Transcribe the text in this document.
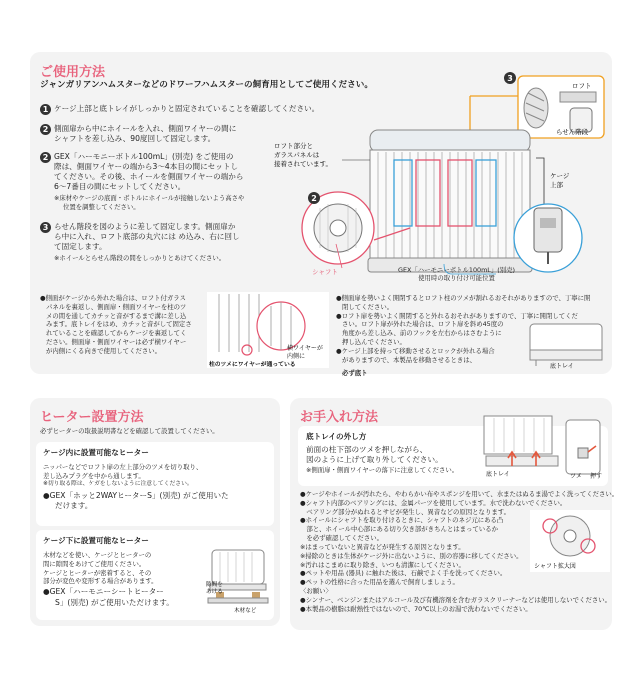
ご使用方法
ジャンガリアンハムスターなどのドワーフハムスターの飼育用としてご使用ください。
1 ケージ上部と底トレイがしっかりと固定されていることを確認してください。
2 側面扉から中にホイールを入れ、側面ワイヤーの間に
シャフトを差し込み、90度回して固定します。
2 GEX「ハーモニーボトル100mL」(別売) をご使用の
際は、側面ワイヤーの端から3〜4本目の間にセットし
てください。その後、ホイールを側面ワイヤーの端から
6〜7番目の間にセットしてください。
※床材やケージの底面・ボトルにホイールが接触しないよう高さや
位置を調整してください。
3 らせん階段を図のように差して固定します。側面扉か
ら中に入れ、ロフト底部の丸穴には め込み、右に回し
て固定します。
※ホイールとらせん階段の間をしっかりとあけてください。
3
ロフト
らせん階段
ケージ
上部
ロフト部分と
ガラスパネルは
接着されています。
2
シャフト	GEX「ハーモニーボトル100mL」(別売)
使用時の取り付け可能位置
●側面がケージから外れた場合は、ロフト付ガラス
パネルを裏返し、側面扉・側面ワイヤーを柱のツ
メの間を通してカチッと音がするまで溝に差し込
みます。底トレイをはめ、カチッと音がして固定さ
れていることを確認してからケージを裏返してく
ださい。側面扉・側面ワイヤーは必ず横ワイヤー
が内側にくる向きで使用してください。	横ワイヤーが
内側に
柱のツメにワイヤーが通っている
●側面扉を勢いよく開閉するとロフト柱のツメが割れるおそれがありますので、丁寧に開
閉してください。
●ロフト扉を勢いよく開閉すると外れるおそれがありますので、丁寧に開閉してくだ
さい。ロフト扉が外れた場合は、ロフト扉を斜め45度の
角度から差し込み、前のフックを左右からはさむように
押し込んでください。
●ケージ上部を持って移動させるとロックが外れる場合
がありますので、本製品を移動させるときは、
必ず底ト
底トレイ
ヒーター設置方法
必ずヒーターの取扱説明書などを確認して設置してください。
ケージ内に設置可能なヒーター
ニッパーなどでロフト扉の左上部分のツメを切り取り、
差し込みプラグを中から通します。
※切り取る際は、ケガをしないように注意してください。
●GEX「ホッと2WAYヒーターS」(別売) がご使用いた
だけます。
ケージ下に設置可能なヒーター
木材などを使い、ケージとヒーターの
間に隙間をあけてご使用ください。
ケージとヒーターが密着すると、その
部分が変色や変形する場合があります。
●GEX「ハーモニーシートヒーター
S」(別売) がご使用いただけます。
隙間を
あける
木材など
お手入れ方法
底トレイの外し方
前面の柱下部のツメを押しながら、
図のように上げて取り外してください。
※側面扉・側面ワイヤーの落下に注意してください。
底トレイ	ツメ 押す
●ケージやホイールが汚れたら、やわらかい布やスポンジを用いて、水またはぬるま湯でよく洗ってください。
●シャフト内部のベアリングには、金属パーツを使用しています。水で洗わないでください。
　ベアリング部分がぬれるとサビが発生し、異音などの原因となります。
●ホイールにシャフトを取り付けるときに、シャフトのネジ元にある凸
　部と、ホイール中心部にある切り欠き部がきちんとはまっているか
　を必ず確認してください。
※はまっていないと異音などが発生する原因となります。
※掃除のときは生体がケージ外に出ないように、別の容器に移してください。
※汚れはこまめに取り除き、いつも清潔にしてください。
●ペットや用品 (器具) に触れた後は、石鹸でよく手を洗ってください。
●ペットの性格に合った用品を選んで飼育しましょう。
〈お願い〉
●シンナー、ベンジンまたはアルコール及び有機溶剤を含むガラスクリーナーなどは使用しないでください。
●本製品の樹脂は耐熱性ではないので、70℃以上のお湯で洗わないでください。
シャフト拡大図
